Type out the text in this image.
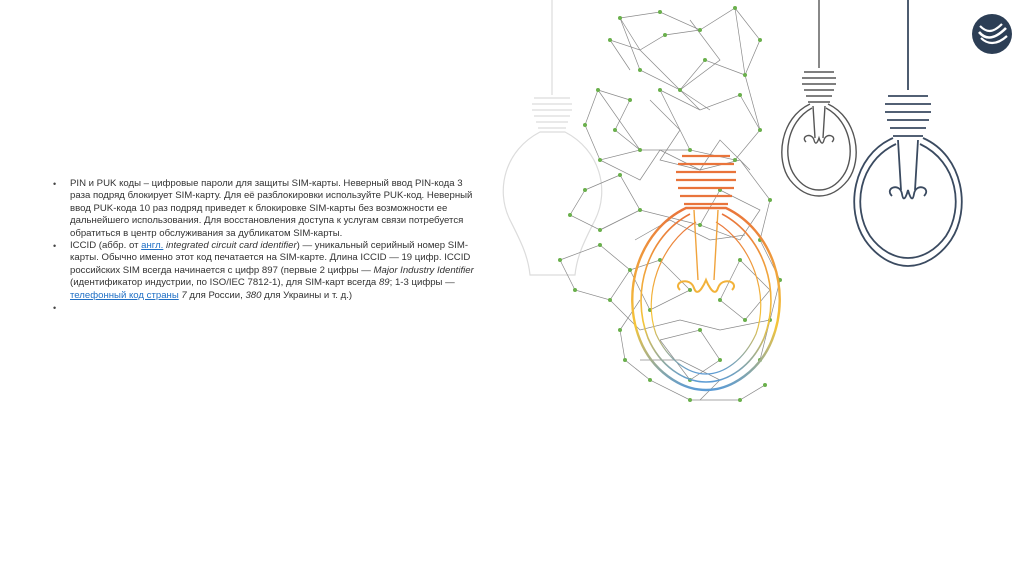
• PIN и PUK коды – цифровые пароли для защиты SIM-карты. Неверный ввод PIN-кода 3 раза подряд блокирует SIM-карту. Для её разблокировки используйте PUK-код. Неверный ввод PUK-кода 10 раз подряд приведет к блокировке SIM-карты без возможности ее дальнейшего использования. Для восстановления доступа к услугам связи потребуется обратиться в центр обслуживания за дубликатом SIM-карты.
• ICCID (аббр. от англ. integrated circuit card identifier) — уникальный серийный номер SIM-карты. Обычно именно этот код печатается на SIM-карте. Длина ICCID — 19 цифр. ICCID российских SIM всегда начинается с цифр 897 (первые 2 цифры — Major Industry Identifier (идентификатор индустрии, по ISO/IEC 7812-1), для SIM-карт всегда 89; 1-3 цифры — телефонный код страны 7 для России, 380 для Украины и т. д.)
•
